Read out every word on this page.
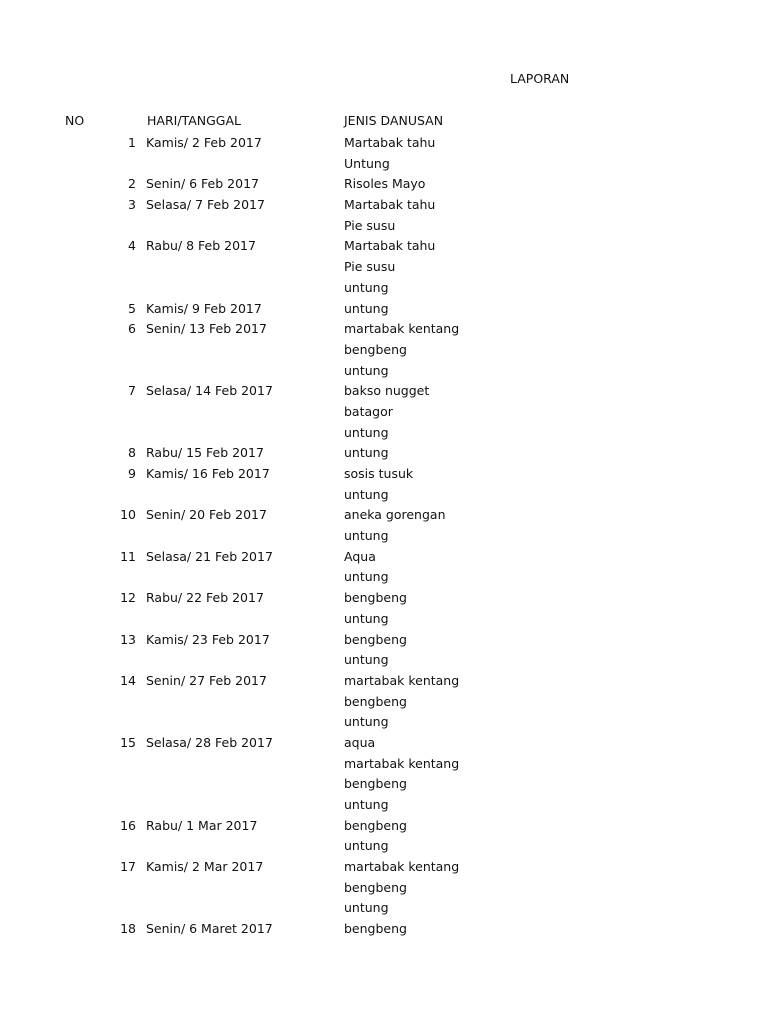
LAPORAN
NO	HARI/TANGGAL	JENIS DANUSAN
1 Kamis/ 2 Feb 2017	Martabak tahu
Untung
2 Senin/ 6 Feb 2017	Risoles Mayo
3 Selasa/ 7 Feb 2017	Martabak tahu
Pie susu
4 Rabu/ 8 Feb 2017	Martabak tahu
Pie susu
untung
5 Kamis/ 9 Feb 2017	untung
6 Senin/ 13 Feb 2017	martabak kentang
bengbeng
untung
7 Selasa/ 14 Feb 2017	bakso nugget
batagor
untung
8 Rabu/ 15 Feb 2017	untung
9 Kamis/ 16 Feb 2017	sosis tusuk
untung
10 Senin/ 20 Feb 2017	aneka gorengan
untung
11 Selasa/ 21 Feb 2017	Aqua
untung
12 Rabu/ 22 Feb 2017	bengbeng
untung
13 Kamis/ 23 Feb 2017	bengbeng
untung
14 Senin/ 27 Feb 2017	martabak kentang
bengbeng
untung
15 Selasa/ 28 Feb 2017	aqua
martabak kentang
bengbeng
untung
16 Rabu/ 1 Mar 2017	bengbeng
untung
17 Kamis/ 2 Mar 2017	martabak kentang
bengbeng
untung
18 Senin/ 6 Maret 2017	bengbeng
